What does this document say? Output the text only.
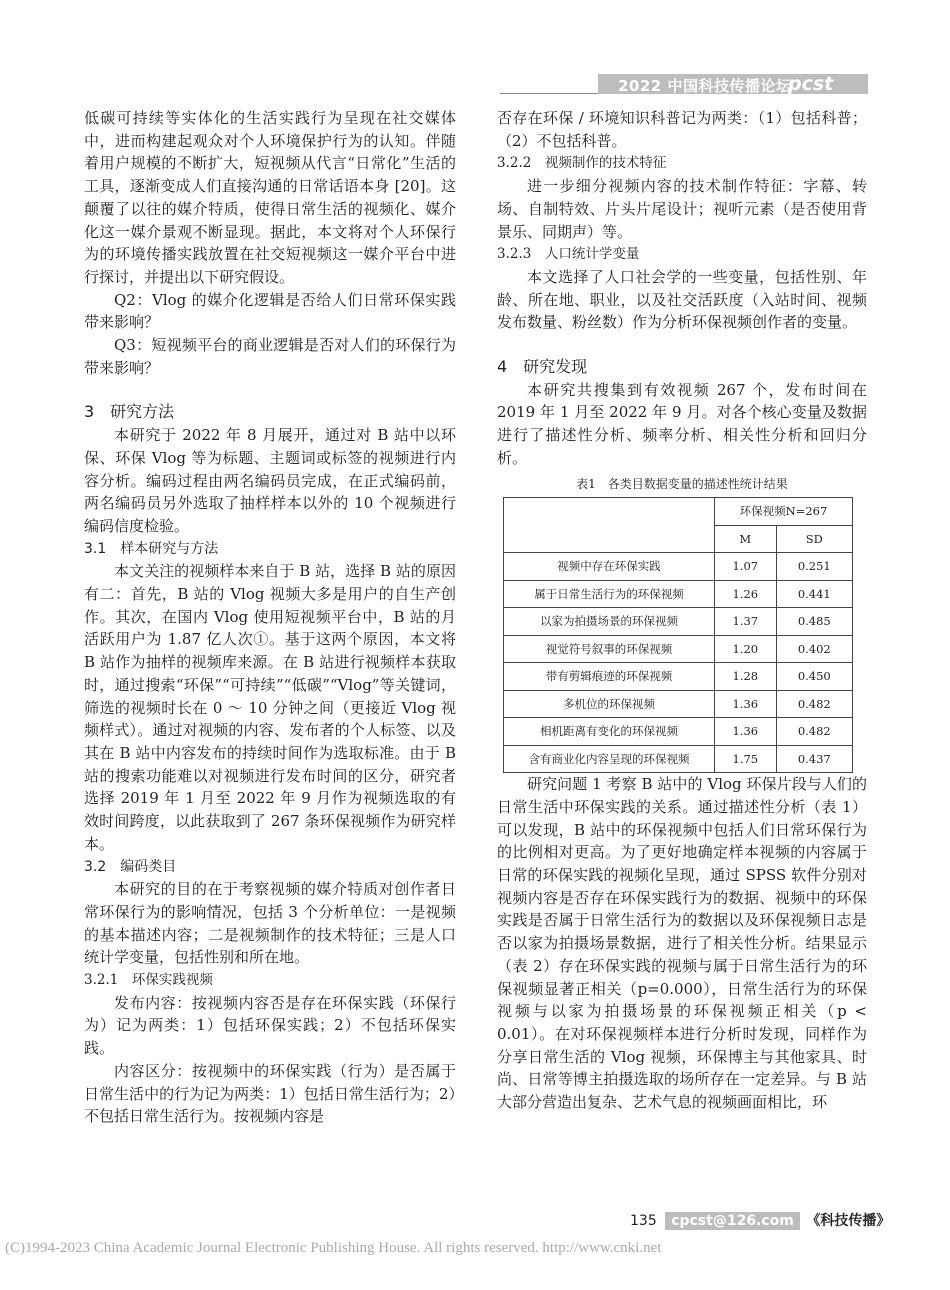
2022 中国科技传播论坛
pcst

低碳可持续等实体化的生活实践行为呈现在社交媒体中，进而构建起观众对个人环境保护行为的认知。伴随着用户规模的不断扩大，短视频从代言“日常化”生活的工具，逐渐变成人们直接沟通的日常话语本身 [20]。这颠覆了以往的媒介特质，使得日常生活的视频化、媒介化这一媒介景观不断显现。据此，本文将对个人环保行为的环境传播实践放置在社交短视频这一媒介平台中进行探讨，并提出以下研究假设。

Q2：Vlog 的媒介化逻辑是否给人们日常环保实践带来影响？

Q3：短视频平台的商业逻辑是否对人们的环保行为带来影响？

3　研究方法

本研究于 2022 年 8 月展开，通过对 B 站中以环保、环保 Vlog 等为标题、主题词或标签的视频进行内容分析。编码过程由两名编码员完成，在正式编码前，两名编码员另外选取了抽样样本以外的 10 个视频进行编码信度检验。

3.1　样本研究与方法

本文关注的视频样本来自于 B 站，选择 B 站的原因有二：首先，B 站的 Vlog 视频大多是用户的自生产创作。其次，在国内 Vlog 使用短视频平台中，B 站的月活跃用户为 1.87 亿人次①。基于这两个原因，本文将 B 站作为抽样的视频库来源。在 B 站进行视频样本获取时，通过搜索“环保”“可持续”“低碳”“Vlog”等关键词，筛选的视频时长在 0 ～ 10 分钟之间（更接近 Vlog 视频样式）。通过对视频的内容、发布者的个人标签、以及其在 B 站中内容发布的持续时间作为选取标准。由于 B 站的搜索功能难以对视频进行发布时间的区分，研究者选择 2019 年 1 月至 2022 年 9 月作为视频选取的有效时间跨度，以此获取到了 267 条环保视频作为研究样本。

3.2　编码类目

本研究的目的在于考察视频的媒介特质对创作者日常环保行为的影响情况，包括 3 个分析单位：一是视频的基本描述内容；二是视频制作的技术特征；三是人口统计学变量，包括性别和所在地。

3.2.1　环保实践视频

发布内容：按视频内容否是存在环保实践（环保行为）记为两类：1）包括环保实践；2）不包括环保实践。

内容区分：按视频中的环保实践（行为）是否属于日常生活中的行为记为两类：1）包括日常生活行为；2）不包括日常生活行为。按视频内容是

否存在环保 / 环境知识科普记为两类：（1）包括科普；（2）不包括科普。

3.2.2　视频制作的技术特征

进一步细分视频内容的技术制作特征：字幕、转场、自制特效、片头片尾设计；视听元素（是否使用背景乐、同期声）等。

3.2.3　人口统计学变量

本文选择了人口社会学的一些变量，包括性别、年龄、所在地、职业，以及社交活跃度（入站时间、视频发布数量、粉丝数）作为分析环保视频创作者的变量。

4　研究发现

本研究共搜集到有效视频 267 个，发布时间在 2019 年 1 月至 2022 年 9 月。对各个核心变量及数据进行了描述性分析、频率分析、相关性分析和回归分析。

表1　各类目数据变量的描述性统计结果
	环保视频N=267	
	M	SD
视频中存在环保实践	1.07	0.251
属于日常生活行为的环保视频	1.26	0.441
以家为拍摄场景的环保视频	1.37	0.485
视觉符号叙事的环保视频	1.20	0.402
带有剪辑痕迹的环保视频	1.28	0.450
多机位的环保视频	1.36	0.482
相机距离有变化的环保视频	1.36	0.482
含有商业化内容呈现的环保视频	1.75	0.437

研究问题 1 考察 B 站中的 Vlog 环保片段与人们的日常生活中环保实践的关系。通过描述性分析（表 1）可以发现，B 站中的环保视频中包括人们日常环保行为的比例相对更高。为了更好地确定样本视频的内容属于日常的环保实践的视频化呈现，通过 SPSS 软件分别对视频内容是否存在环保实践行为的数据、视频中的环保实践是否属于日常生活行为的数据以及环保视频日志是否以家为拍摄场景数据，进行了相关性分析。结果显示（表 2）存在环保实践的视频与属于日常生活行为的环保视频显著正相关（p=0.000），日常生活行为的环保视频与以家为拍摄场景的环保视频正相关（p < 0.01）。在对环保视频样本进行分析时发现，同样作为分享日常生活的 Vlog 视频，环保博主与其他家具、时尚、日常等博主拍摄选取的场所存在一定差异。与 B 站大部分营造出复杂、艺术气息的视频画面相比，环

135 cpcst@126.com 《科技传播》
(C)1994-2023 China Academic Journal Electronic Publishing House. All rights reserved. http://www.cnki.net
